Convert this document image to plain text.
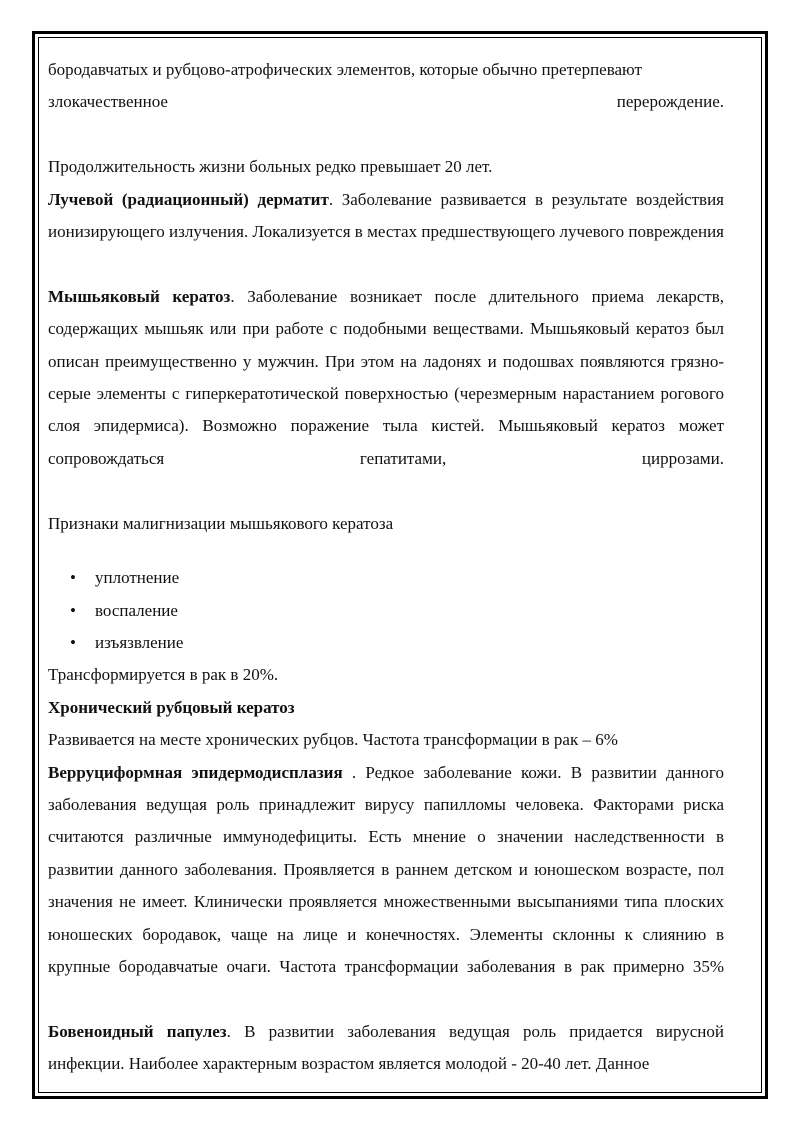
бородавчатых и рубцово-атрофических элементов, которые обычно претерпевают
злокачественное перерождение.

Продолжительность жизни больных редко превышает 20 лет.

Лучевой (радиационный) дерматит. Заболевание развивается в результате воздействия ионизирующего излучения. Локализуется в местах предшествующего лучевого повреждения

Мышьяковый кератоз. Заболевание возникает после длительного приема лекарств, содержащих мышьяк или при работе с подобными веществами. Мышьяковый кератоз был описан преимущественно у мужчин. При этом на ладонях и подошвах появляются грязно-серые элементы с гиперкератотической поверхностью (черезмерным нарастанием рогового слоя эпидермиса). Возможно поражение тыла кистей. Мышьяковый кератоз может сопровождаться гепатитами, циррозами.

Признаки малигнизации мышьякового кератоза

• уплотнение
• воспаление
• изъязвление

Трансформируется в рак в 20%.

Хронический рубцовый кератоз

Развивается на месте хронических рубцов. Частота трансформации в рак – 6%

Верруциформная эпидермодисплазия . Редкое заболевание кожи. В развитии данного заболевания ведущая роль принадлежит вирусу папилломы человека. Факторами риска считаются различные иммунодефициты. Есть мнение о значении наследственности в развитии данного заболевания. Проявляется в раннем детском и юношеском возрасте, пол значения не имеет. Клинически проявляется множественными высыпаниями типа плоских юношеских бородавок, чаще на лице и конечностях. Элементы склонны к слиянию в крупные бородавчатые очаги. Частота трансформации заболевания в рак примерно 35%

Бовеноидный папулез. В развитии заболевания ведущая роль придается вирусной инфекции. Наиболее характерным возрастом является молодой - 20-40 лет. Данное
